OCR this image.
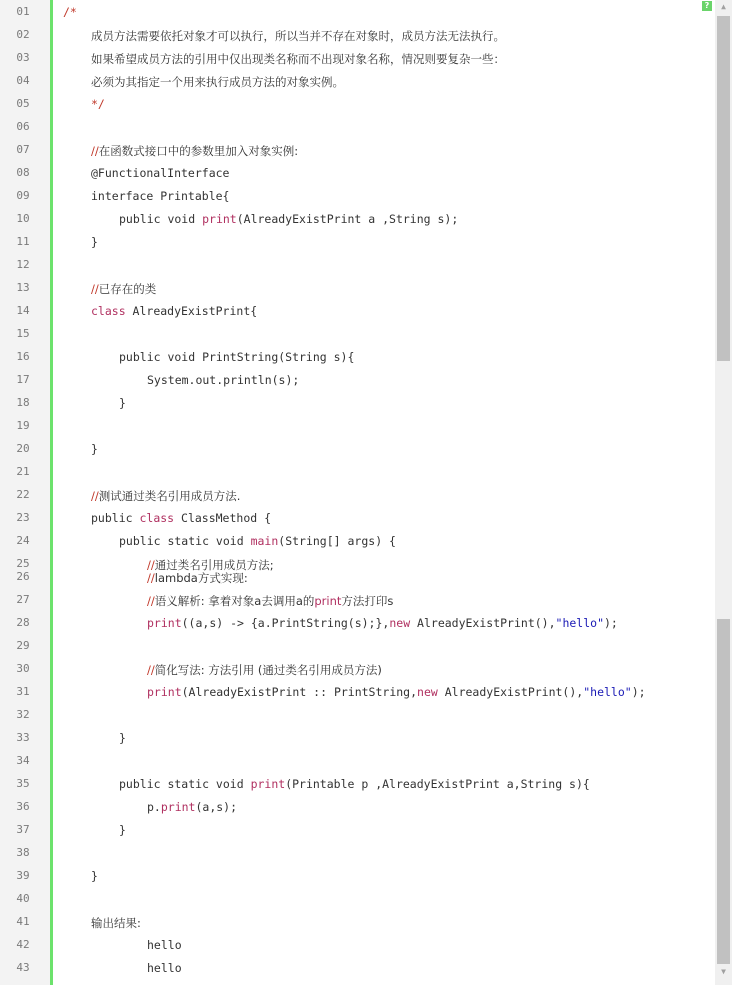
01
02
03
04
05
06
07
08
09
10
11
12
13
14
15
16
17
18
19
20
21
22
23
24
25
26
27
28
29
30
31
32
33
34
35
36
37
38
39
40
41
42
43
/*
成员方法需要依托对象才可以执行，所以当并不存在对象时，成员方法无法执行。
如果希望成员方法的引用中仅出现类名称而不出现对象名称，情况则要复杂一些：
必须为其指定一个用来执行成员方法的对象实例。
*/
//在函数式接口中的参数里加入对象实例:
@FunctionalInterface
interface Printable{
public void print(AlreadyExistPrint a ,String s);
}
//已存在的类
class AlreadyExistPrint{
public void PrintString(String s){
System.out.println(s);
}
}
//测试通过类名引用成员方法.
public class ClassMethod {
public static void main(String[] args) {
//通过类名引用成员方法;
//lambda方式实现:
//语义解析: 拿着对象a去调用a的print方法打印s
print((a,s) -> {a.PrintString(s);},new AlreadyExistPrint(),"hello");
//简化写法: 方法引用 (通过类名引用成员方法)
print(AlreadyExistPrint :: PrintString,new AlreadyExistPrint(),"hello");
}
public static void print(Printable p ,AlreadyExistPrint a,String s){
p.print(a,s);
}
}
输出结果:
hello
hello
?	▲
▼
